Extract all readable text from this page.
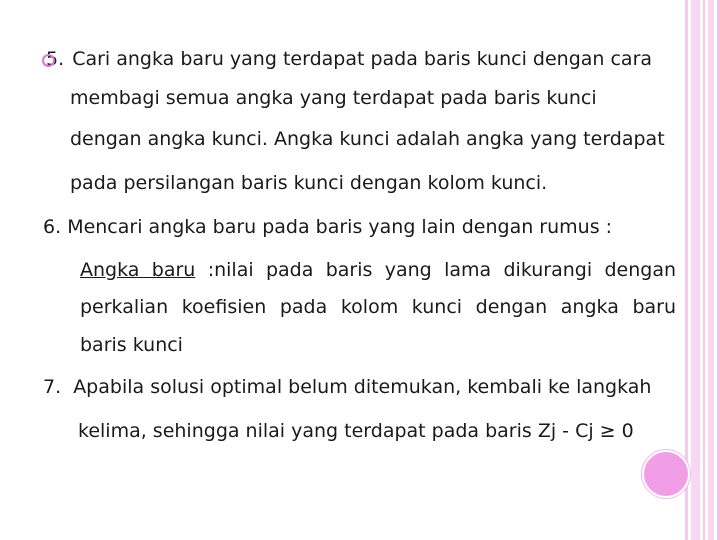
5. Cari angka baru yang terdapat pada baris kunci dengan cara
membagi semua angka yang terdapat pada baris kunci
dengan angka kunci. Angka kunci adalah angka yang terdapat
pada persilangan baris kunci dengan kolom kunci.
6. Mencari angka baru pada baris yang lain dengan rumus :
Angka baru :nilai pada baris yang lama dikurangi dengan
perkalian koefisien pada kolom kunci dengan angka baru
baris kunci
7. Apabila solusi optimal belum ditemukan, kembali ke langkah
kelima, sehingga nilai yang terdapat pada baris Zj - Cj ≥ 0
